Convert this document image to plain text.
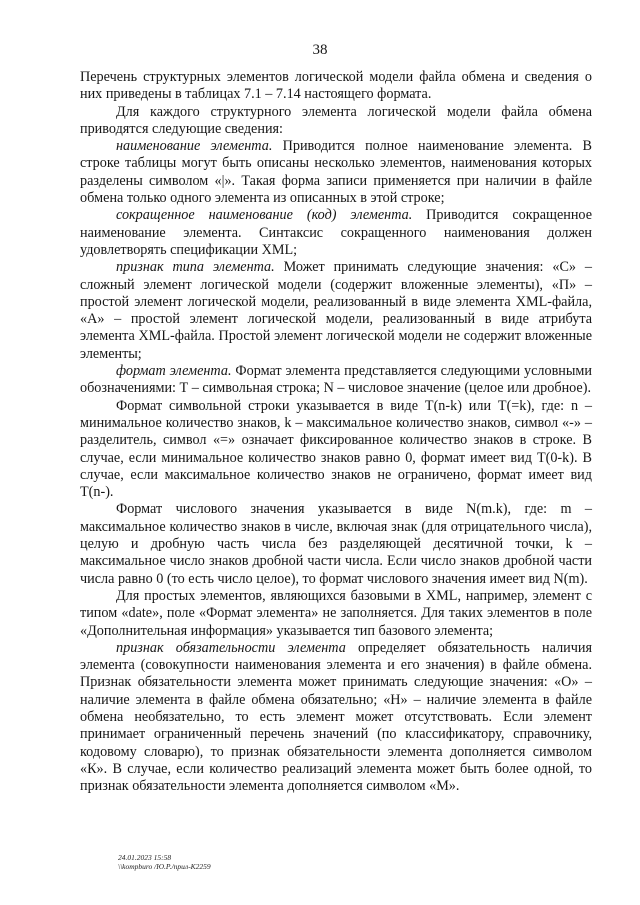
38

Перечень структурных элементов логической модели файла обмена и сведения о них приведены в таблицах 7.1 – 7.14 настоящего формата.

Для каждого структурного элемента логической модели файла обмена приводятся следующие сведения:

наименование элемента. Приводится полное наименование элемента. В строке таблицы могут быть описаны несколько элементов, наименования которых разделены символом «|». Такая форма записи применяется при наличии в файле обмена только одного элемента из описанных в этой строке;

сокращенное наименование (код) элемента. Приводится сокращенное наименование элемента. Синтаксис сокращенного наименования должен удовлетворять спецификации XML;

признак типа элемента. Может принимать следующие значения: «С» – сложный элемент логической модели (содержит вложенные элементы), «П» – простой элемент логической модели, реализованный в виде элемента XML-файла, «А» – простой элемент логической модели, реализованный в виде атрибута элемента XML-файла. Простой элемент логической модели не содержит вложенные элементы;

формат элемента. Формат элемента представляется следующими условными обозначениями: Т – символьная строка; N – числовое значение (целое или дробное).

Формат символьной строки указывается в виде Т(n-k) или Т(=k), где: n – минимальное количество знаков, k – максимальное количество знаков, символ «-» – разделитель, символ «=» означает фиксированное количество знаков в строке. В случае, если минимальное количество знаков равно 0, формат имеет вид Т(0-k). В случае, если максимальное количество знаков не ограничено, формат имеет вид Т(n-).

Формат числового значения указывается в виде N(m.k), где: m – максимальное количество знаков в числе, включая знак (для отрицательного числа), целую и дробную часть числа без разделяющей десятичной точки, k – максимальное число знаков дробной части числа. Если число знаков дробной части числа равно 0 (то есть число целое), то формат числового значения имеет вид N(m).

Для простых элементов, являющихся базовыми в XML, например, элемент с типом «date», поле «Формат элемента» не заполняется. Для таких элементов в поле «Дополнительная информация» указывается тип базового элемента;

признак обязательности элемента определяет обязательность наличия элемента (совокупности наименования элемента и его значения) в файле обмена. Признак обязательности элемента может принимать следующие значения: «О» – наличие элемента в файле обмена обязательно; «Н» – наличие элемента в файле обмена необязательно, то есть элемент может отсутствовать. Если элемент принимает ограниченный перечень значений (по классификатору, справочнику, кодовому словарю), то признак обязательности элемента дополняется символом «К». В случае, если количество реализаций элемента может быть более одной, то признак обязательности элемента дополняется символом «М».

24.01.2023 15:58
\\kompburo /Ю.Р./прил-К2259
